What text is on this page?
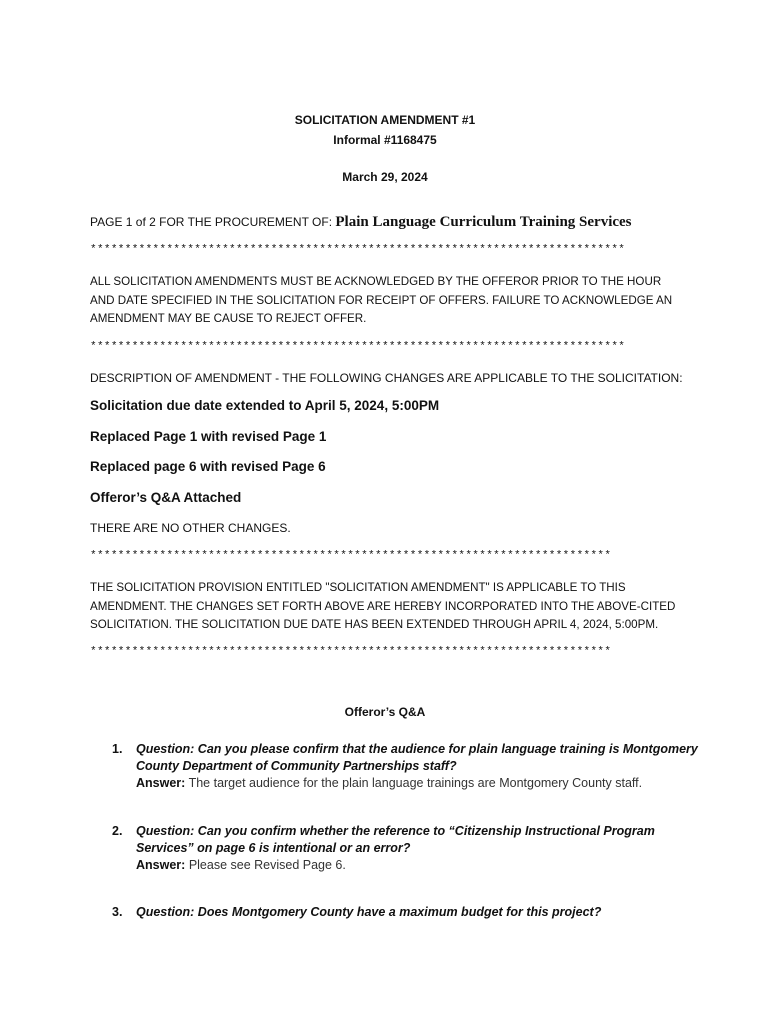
SOLICITATION AMENDMENT #1
Informal #1168475
March 29, 2024
PAGE 1 of 2 FOR THE PROCUREMENT OF: Plain Language Curriculum Training Services
*****************************************************************************
ALL SOLICITATION AMENDMENTS MUST BE ACKNOWLEDGED BY THE OFFEROR PRIOR TO THE HOUR AND DATE SPECIFIED IN THE SOLICITATION FOR RECEIPT OF OFFERS. FAILURE TO ACKNOWLEDGE AN AMENDMENT MAY BE CAUSE TO REJECT OFFER.
*****************************************************************************
DESCRIPTION OF AMENDMENT - THE FOLLOWING CHANGES ARE APPLICABLE TO THE SOLICITATION:
Solicitation due date extended to April 5, 2024, 5:00PM
Replaced Page 1 with revised Page 1
Replaced page 6 with revised Page 6
Offeror’s Q&A Attached
THERE ARE NO OTHER CHANGES.
***************************************************************************
THE SOLICITATION PROVISION ENTITLED "SOLICITATION AMENDMENT" IS APPLICABLE TO THIS AMENDMENT. THE CHANGES SET FORTH ABOVE ARE HEREBY INCORPORATED INTO THE ABOVE-CITED SOLICITATION. THE SOLICITATION DUE DATE HAS BEEN EXTENDED THROUGH APRIL 4, 2024, 5:00PM.
***************************************************************************
Offeror’s Q&A
1. Question: Can you please confirm that the audience for plain language training is Montgomery County Department of Community Partnerships staff?
Answer: The target audience for the plain language trainings are Montgomery County staff.
2. Question: Can you confirm whether the reference to “Citizenship Instructional Program Services” on page 6 is intentional or an error?
Answer: Please see Revised Page 6.
3. Question: Does Montgomery County have a maximum budget for this project?
